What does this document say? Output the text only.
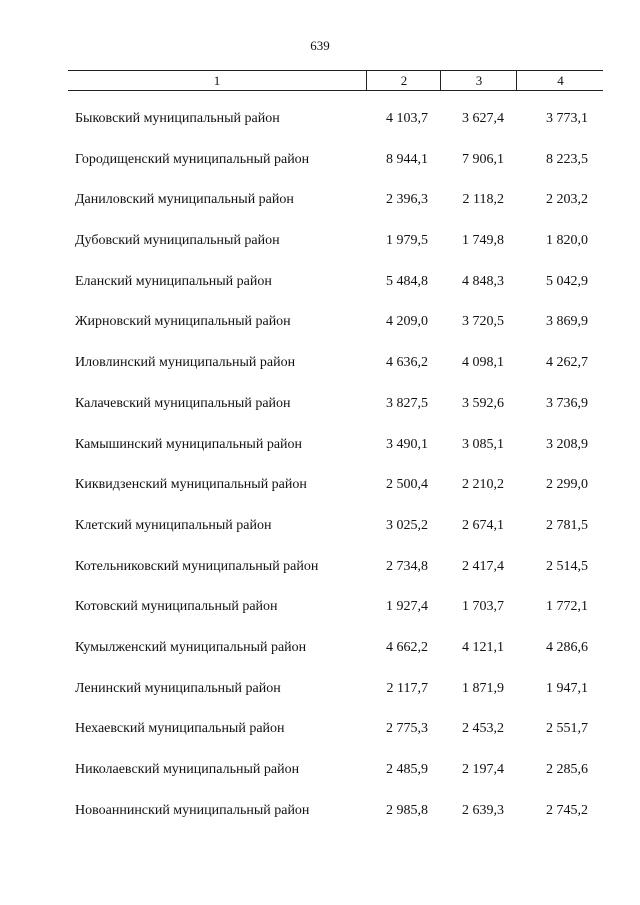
639
1	2	3	4
Быковский муниципальный район	4 103,7	3 627,4	3 773,1
Городищенский муниципальный район	8 944,1	7 906,1	8 223,5
Даниловский муниципальный район	2 396,3	2 118,2	2 203,2
Дубовский муниципальный район	1 979,5	1 749,8	1 820,0
Еланский муниципальный район	5 484,8	4 848,3	5 042,9
Жирновский муниципальный район	4 209,0	3 720,5	3 869,9
Иловлинский муниципальный район	4 636,2	4 098,1	4 262,7
Калачевский муниципальный район	3 827,5	3 592,6	3 736,9
Камышинский муниципальный район	3 490,1	3 085,1	3 208,9
Киквидзенский муниципальный район	2 500,4	2 210,2	2 299,0
Клетский муниципальный район	3 025,2	2 674,1	2 781,5
Котельниковский муниципальный район	2 734,8	2 417,4	2 514,5
Котовский муниципальный район	1 927,4	1 703,7	1 772,1
Кумылженский муниципальный район	4 662,2	4 121,1	4 286,6
Ленинский муниципальный район	2 117,7	1 871,9	1 947,1
Нехаевский муниципальный район	2 775,3	2 453,2	2 551,7
Николаевский муниципальный район	2 485,9	2 197,4	2 285,6
Новоаннинский муниципальный район	2 985,8	2 639,3	2 745,2
